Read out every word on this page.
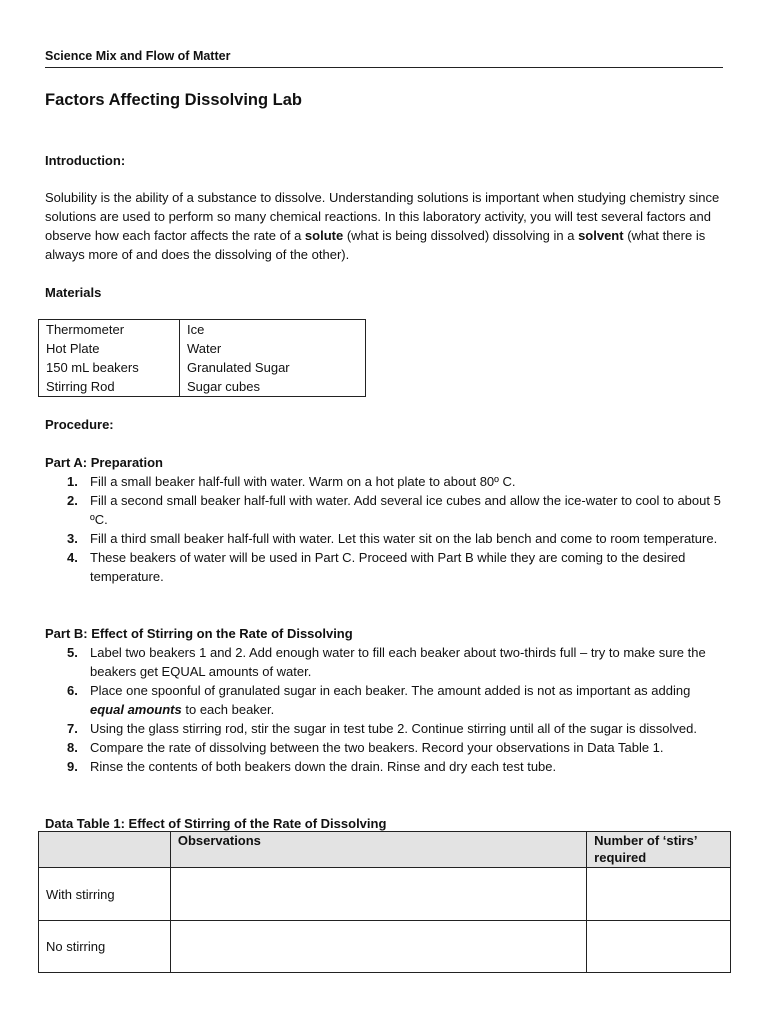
Science Mix and Flow of Matter
Factors Affecting Dissolving Lab
Introduction:

Solubility is the ability of a substance to dissolve. Understanding solutions is important when studying chemistry since solutions are used to perform so many chemical reactions. In this laboratory activity, you will test several factors and observe how each factor affects the rate of a solute (what is being dissolved) dissolving in a solvent (what there is always more of and does the dissolving of the other).

Materials
Thermometer	Ice
Hot Plate	Water
150 mL beakers	Granulated Sugar
Stirring Rod	Sugar cubes
Procedure:
Part A: Preparation
1. Fill a small beaker half-full with water. Warm on a hot plate to about 80º C.
2. Fill a second small beaker half-full with water. Add several ice cubes and allow the ice-water to cool to about 5 ºC.
3. Fill a third small beaker half-full with water. Let this water sit on the lab bench and come to room temperature.
4. These beakers of water will be used in Part C. Proceed with Part B while they are coming to the desired temperature.
Part B: Effect of Stirring on the Rate of Dissolving
5. Label two beakers 1 and 2. Add enough water to fill each beaker about two-thirds full – try to make sure the beakers get EQUAL amounts of water.
6. Place one spoonful of granulated sugar in each beaker. The amount added is not as important as adding equal amounts to each beaker.
7. Using the glass stirring rod, stir the sugar in test tube 2. Continue stirring until all of the sugar is dissolved.
8. Compare the rate of dissolving between the two beakers. Record your observations in Data Table 1.
9. Rinse the contents of both beakers down the drain. Rinse and dry each test tube.
Data Table 1: Effect of Stirring of the Rate of Dissolving
	Observations	Number of ‘stirs’ required
With stirring		
No stirring		
